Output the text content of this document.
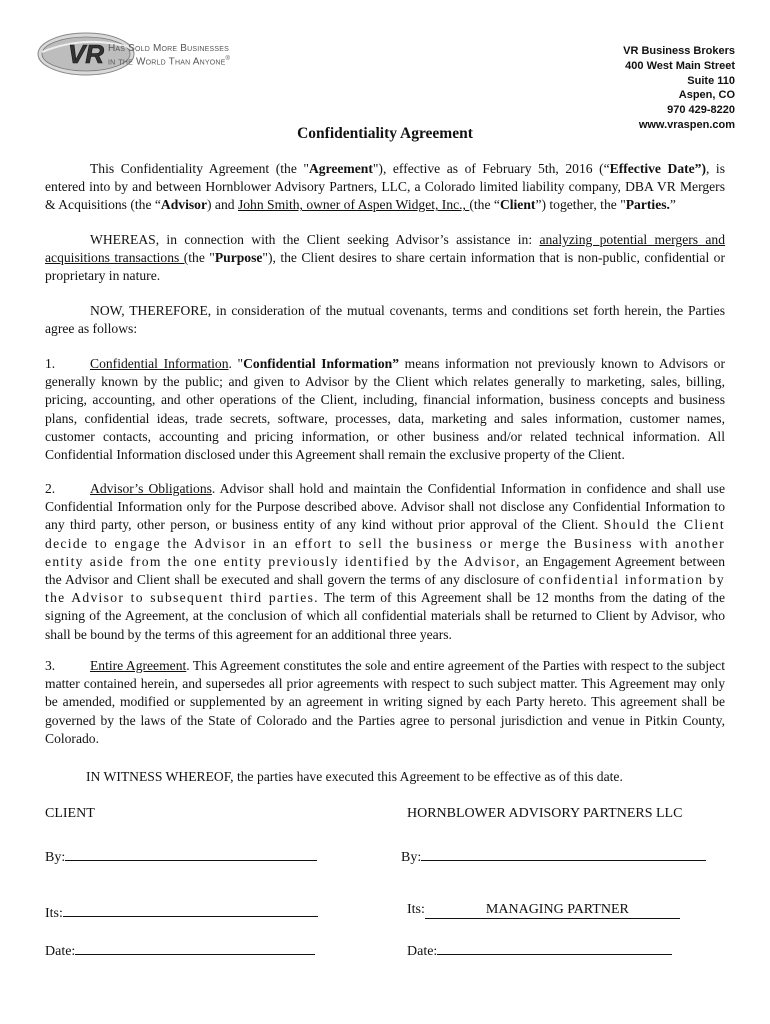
VR Has Sold More Businesses
in the World Than Anyone®
VR Business Brokers
400 West Main Street
Suite 110
Aspen, CO
970 429-8220
www.vraspen.com
Confidentiality Agreement
This Confidentiality Agreement (the "Agreement"), effective as of February 5th, 2016 (“Effective Date”), is entered into by and between Hornblower Advisory Partners, LLC, a Colorado limited liability company, DBA VR Mergers & Acquisitions (the “Advisor) and John Smith, owner of Aspen Widget, Inc., (the “Client”) together, the "Parties.”
WHEREAS, in connection with the Client seeking Advisor’s assistance in: analyzing potential mergers and acquisitions transactions (the "Purpose"), the Client desires to share certain information that is non-public, confidential or proprietary in nature.
NOW, THEREFORE, in consideration of the mutual covenants, terms and conditions set forth herein, the Parties agree as follows:
1.	Confidential Information. "Confidential Information” means information not previously known to Advisors or generally known by the public; and given to Advisor by the Client which relates generally to marketing, sales, billing, pricing, accounting, and other operations of the Client, including, financial information, business concepts and business plans, confidential ideas, trade secrets, software, processes, data, marketing and sales information, customer names, customer contacts, accounting and pricing information, or other business and/or related technical information. All Confidential Information disclosed under this Agreement shall remain the exclusive property of the Client.
2.	Advisor’s Obligations. Advisor shall hold and maintain the Confidential Information in confidence and shall use Confidential Information only for the Purpose described above. Advisor shall not disclose any Confidential Information to any third party, other person, or business entity of any kind without prior approval of the Client. Should the Client decide to engage the Advisor in an effort to sell the business or merge the Business with another entity aside from the one entity previously identified by the Advisor, an Engagement Agreement between the Advisor and Client shall be executed and shall govern the terms of any disclosure of confidential information by the Advisor to subsequent third parties. The term of this Agreement shall be 12 months from the dating of the signing of the Agreement, at the conclusion of which all confidential materials shall be returned to Client by Advisor, who shall be bound by the terms of this agreement for an additional three years.
3.	Entire Agreement. This Agreement constitutes the sole and entire agreement of the Parties with respect to the subject matter contained herein, and supersedes all prior agreements with respect to such subject matter. This Agreement may only be amended, modified or supplemented by an agreement in writing signed by each Party hereto. This agreement shall be governed by the laws of the State of Colorado and the Parties agree to personal jurisdiction and venue in Pitkin County, Colorado.
IN WITNESS WHEREOF, the parties have executed this Agreement to be effective as of this date.
CLIENT	HORNBLOWER ADVISORY PARTNERS LLC
By:	By:
Its:	Its:	MANAGING PARTNER
Date:	Date:
